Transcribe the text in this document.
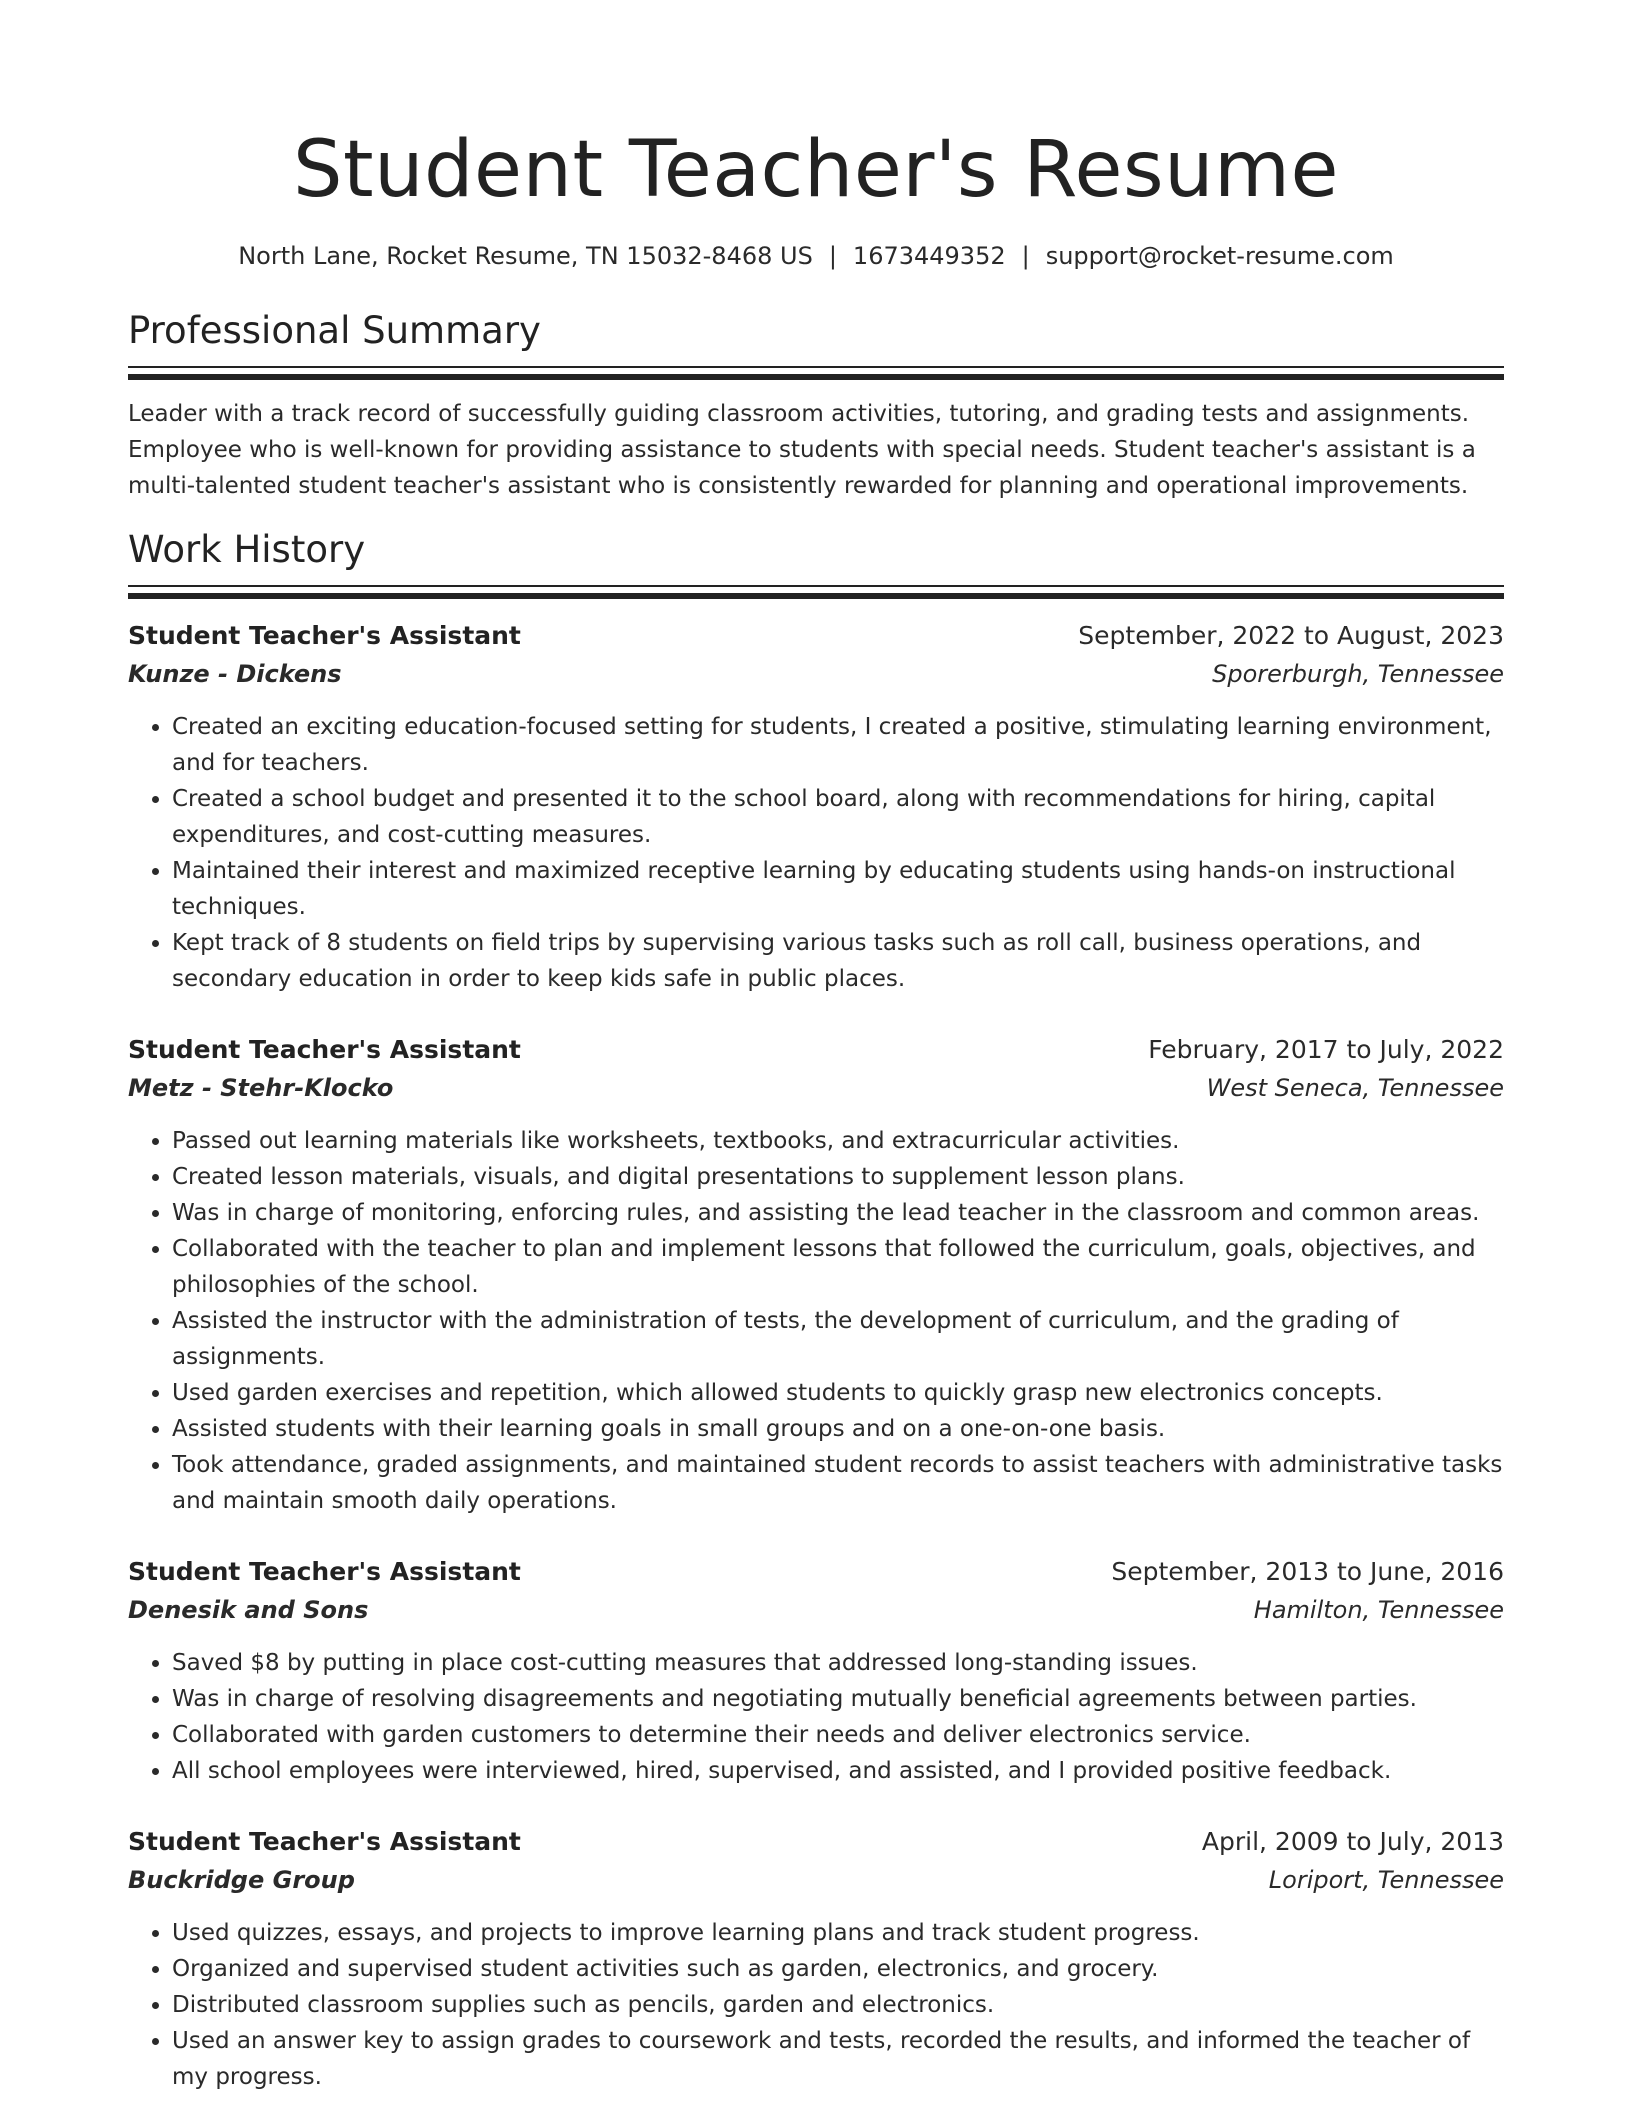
Student Teacher's Resume
North Lane, Rocket Resume, TN 15032-8468 US | 1673449352 | support@rocket-resume.com
Professional Summary

Leader with a track record of successfully guiding classroom activities, tutoring, and grading tests and assignments. Employee who is well-known for providing assistance to students with special needs. Student teacher's assistant is a multi-talented student teacher's assistant who is consistently rewarded for planning and operational improvements.

Work History
Student Teacher's Assistant	September, 2022 to August, 2023
Kunze - Dickens	Sporerburgh, Tennessee
• Created an exciting education-focused setting for students, I created a positive, stimulating learning environment, and for teachers.
• Created a school budget and presented it to the school board, along with recommendations for hiring, capital expenditures, and cost-cutting measures.
• Maintained their interest and maximized receptive learning by educating students using hands-on instructional techniques.
• Kept track of 8 students on field trips by supervising various tasks such as roll call, business operations, and secondary education in order to keep kids safe in public places.
Student Teacher's Assistant	February, 2017 to July, 2022
Metz - Stehr-Klocko	West Seneca, Tennessee
• Passed out learning materials like worksheets, textbooks, and extracurricular activities.
• Created lesson materials, visuals, and digital presentations to supplement lesson plans.
• Was in charge of monitoring, enforcing rules, and assisting the lead teacher in the classroom and common areas.
• Collaborated with the teacher to plan and implement lessons that followed the curriculum, goals, objectives, and philosophies of the school.
• Assisted the instructor with the administration of tests, the development of curriculum, and the grading of assignments.
• Used garden exercises and repetition, which allowed students to quickly grasp new electronics concepts.
• Assisted students with their learning goals in small groups and on a one-on-one basis.
• Took attendance, graded assignments, and maintained student records to assist teachers with administrative tasks and maintain smooth daily operations.
Student Teacher's Assistant	September, 2013 to June, 2016
Denesik and Sons	Hamilton, Tennessee
• Saved $8 by putting in place cost-cutting measures that addressed long-standing issues.
• Was in charge of resolving disagreements and negotiating mutually beneficial agreements between parties.
• Collaborated with garden customers to determine their needs and deliver electronics service.
• All school employees were interviewed, hired, supervised, and assisted, and I provided positive feedback.
Student Teacher's Assistant	April, 2009 to July, 2013
Buckridge Group	Loriport, Tennessee
• Used quizzes, essays, and projects to improve learning plans and track student progress.
• Organized and supervised student activities such as garden, electronics, and grocery.
• Distributed classroom supplies such as pencils, garden and electronics.
• Used an answer key to assign grades to coursework and tests, recorded the results, and informed the teacher of my progress.
